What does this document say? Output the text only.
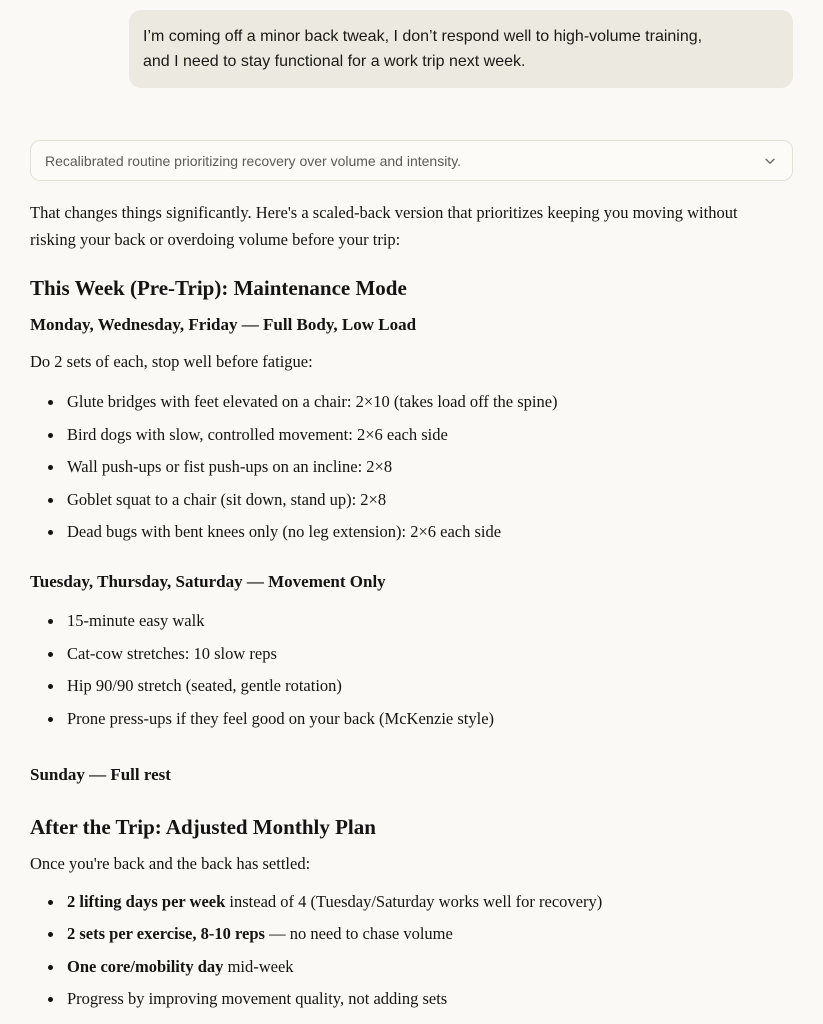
I’m coming off a minor back tweak, I don’t respond well to high-volume training, and I need to stay functional for a work trip next week.
Recalibrated routine prioritizing recovery over volume and intensity.

That changes things significantly. Here's a scaled-back version that prioritizes keeping you moving without risking your back or overdoing volume before your trip:

This Week (Pre-Trip): Maintenance Mode
Monday, Wednesday, Friday — Full Body, Low Load

Do 2 sets of each, stop well before fatigue:

Glute bridges with feet elevated on a chair: 2×10 (takes load off the spine)
Bird dogs with slow, controlled movement: 2×6 each side
Wall push-ups or fist push-ups on an incline: 2×8
Goblet squat to a chair (sit down, stand up): 2×8
Dead bugs with bent knees only (no leg extension): 2×6 each side
Tuesday, Thursday, Saturday — Movement Only
15-minute easy walk
Cat-cow stretches: 10 slow reps
Hip 90/90 stretch (seated, gentle rotation)
Prone press-ups if they feel good on your back (McKenzie style)
Sunday — Full rest
After the Trip: Adjusted Monthly Plan

Once you're back and the back has settled:

2 lifting days per week instead of 4 (Tuesday/Saturday works well for recovery)
2 sets per exercise, 8-10 reps — no need to chase volume
One core/mobility day mid-week
Progress by improving movement quality, not adding sets
